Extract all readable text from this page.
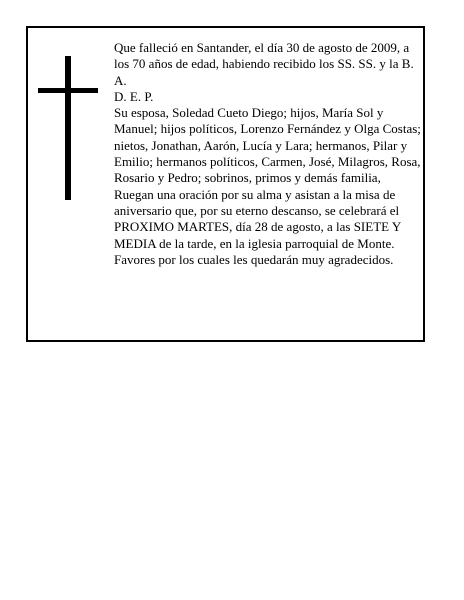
Que falleció en Santander, el día 30 de agosto de 2009, a los 70 años de edad, habiendo recibido los SS. SS. y la B. A.

D. E. P.

Su esposa, Soledad Cueto Diego; hijos, María Sol y Manuel; hijos políticos, Lorenzo Fernández y Olga Costas; nietos, Jonathan, Aarón, Lucía y Lara; hermanos, Pilar y Emilio; hermanos políticos, Carmen, José, Milagros, Rosa, Rosario y Pedro; sobrinos, primos y demás familia,

Ruegan una oración por su alma y asistan a la misa de aniversario que, por su eterno descanso, se celebrará el PROXIMO MARTES, día 28 de agosto, a las SIETE Y MEDIA de la tarde, en la iglesia parroquial de Monte.

Favores por los cuales les quedarán muy agradecidos.
